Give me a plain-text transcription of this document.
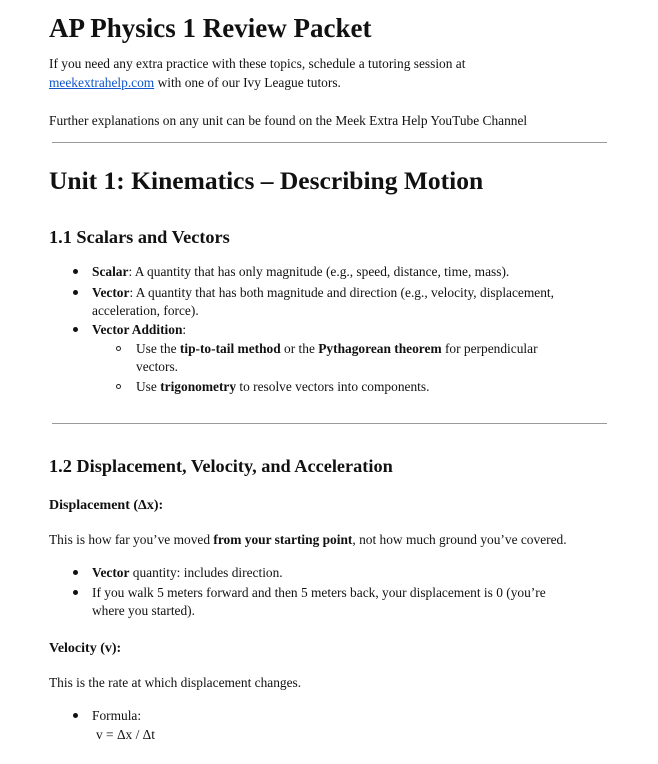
AP Physics 1 Review Packet
If you need any extra practice with these topics, schedule a tutoring session at
meekextrahelp.com with one of our Ivy League tutors.
Further explanations on any unit can be found on the Meek Extra Help YouTube Channel
Unit 1: Kinematics – Describing Motion
1.1 Scalars and Vectors
Scalar: A quantity that has only magnitude (e.g., speed, distance, time, mass).
Vector: A quantity that has both magnitude and direction (e.g., velocity, displacement,
acceleration, force).
Vector Addition:
Use the tip-to-tail method or the Pythagorean theorem for perpendicular
vectors.
Use trigonometry to resolve vectors into components.
1.2 Displacement, Velocity, and Acceleration
Displacement (Δx):
This is how far you’ve moved from your starting point, not how much ground you’ve covered.
Vector quantity: includes direction.
If you walk 5 meters forward and then 5 meters back, your displacement is 0 (you’re
where you started).
Velocity (v):
This is the rate at which displacement changes.
Formula:
v = Δx / Δt
